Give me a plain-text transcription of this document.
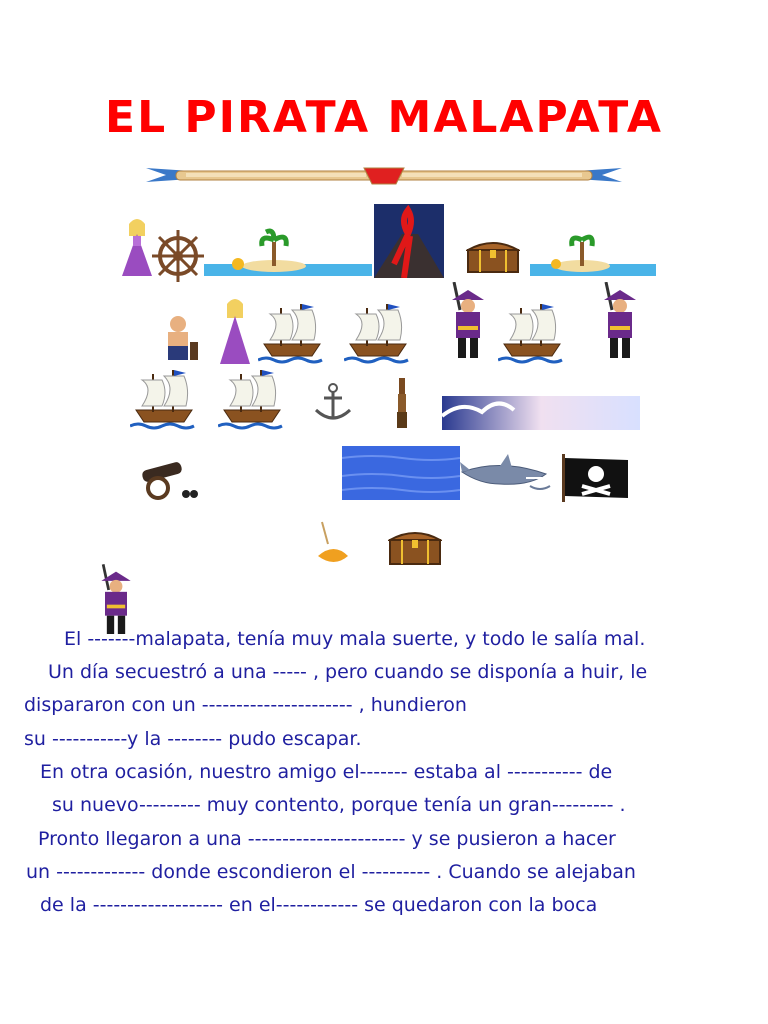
EL PIRATA MALAPATA
El -------malapata, tenía muy mala suerte, y todo le salía mal.
Un día secuestró a una ----- , pero cuando se disponía a huir, le
dispararon con un ---------------------- , hundieron
su -----------y la -------- pudo escapar.
En otra ocasión, nuestro amigo el------- estaba al ----------- de
su nuevo--------- muy contento, porque tenía un gran--------- .
Pronto llegaron a una ----------------------- y se pusieron a hacer
un ------------- donde escondieron el ---------- . Cuando se alejaban
de la ------------------- en el------------ se quedaron con la boca
